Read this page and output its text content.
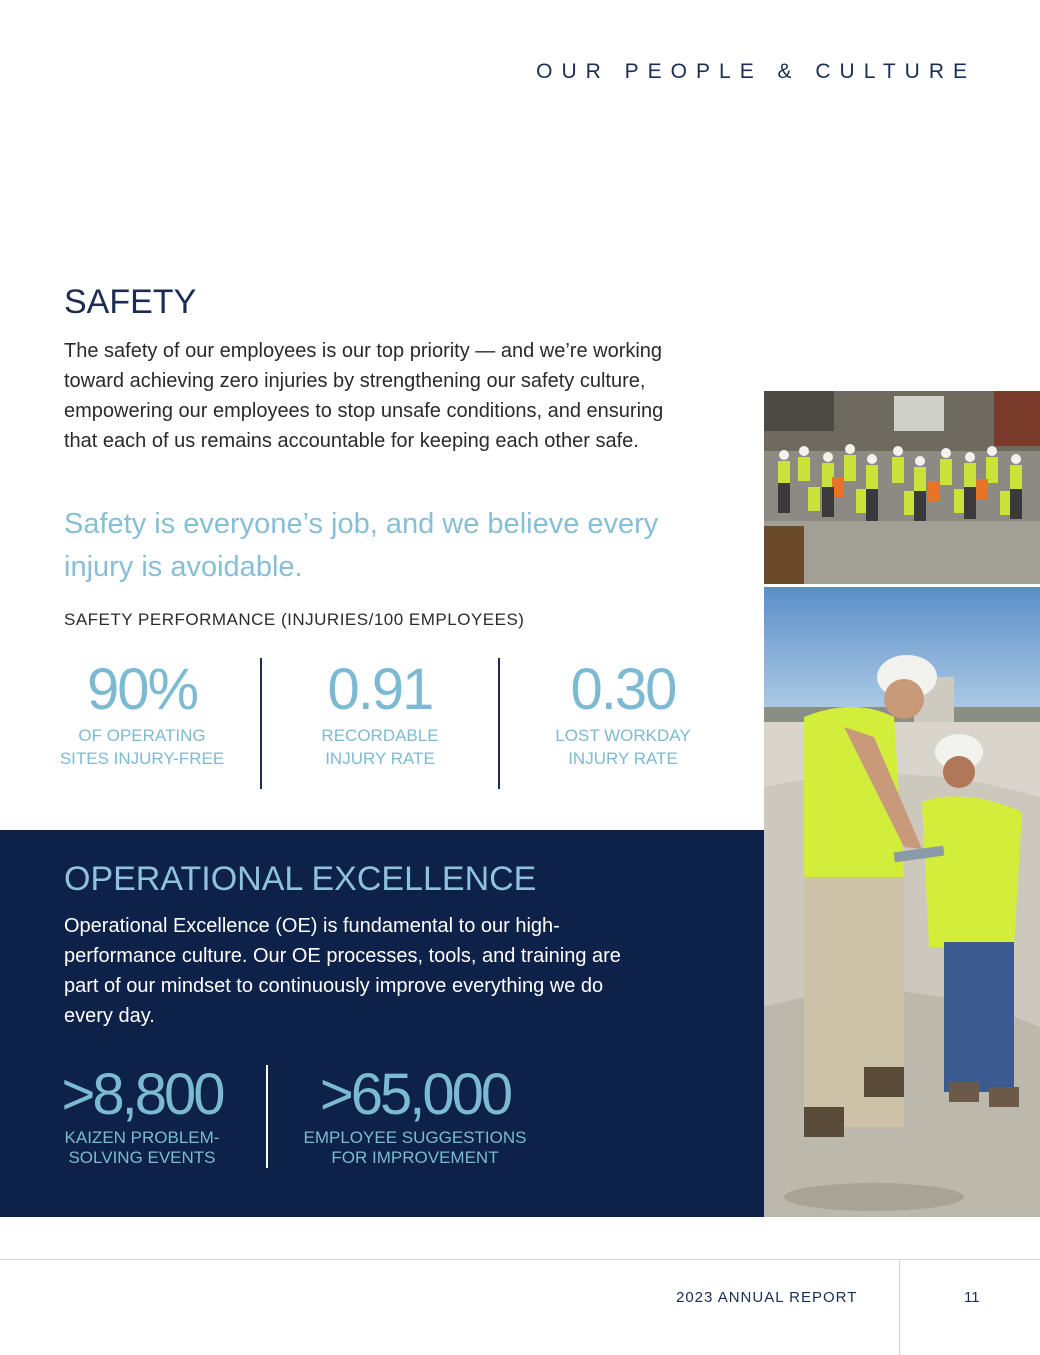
OUR PEOPLE & CULTURE
SAFETY

The safety of our employees is our top priority — and we’re working toward achieving zero injuries by strengthening our safety culture, empowering our employees to stop unsafe conditions, and ensuring that each of us remains accountable for keeping each other safe.

Safety is everyone’s job, and we believe every injury is avoidable.

SAFETY PERFORMANCE (INJURIES/100 EMPLOYEES)
90%
OF OPERATING
SITES INJURY-FREE
0.91
RECORDABLE
INJURY RATE
0.30
LOST WORKDAY
INJURY RATE
OPERATIONAL EXCELLENCE

Operational Excellence (OE) is fundamental to our high-performance culture. Our OE processes, tools, and training are part of our mindset to continuously improve everything we do every day.

>8,800
KAIZEN PROBLEM-
SOLVING EVENTS
>65,000
EMPLOYEE SUGGESTIONS
FOR IMPROVEMENT
2023 ANNUAL REPORT	11
